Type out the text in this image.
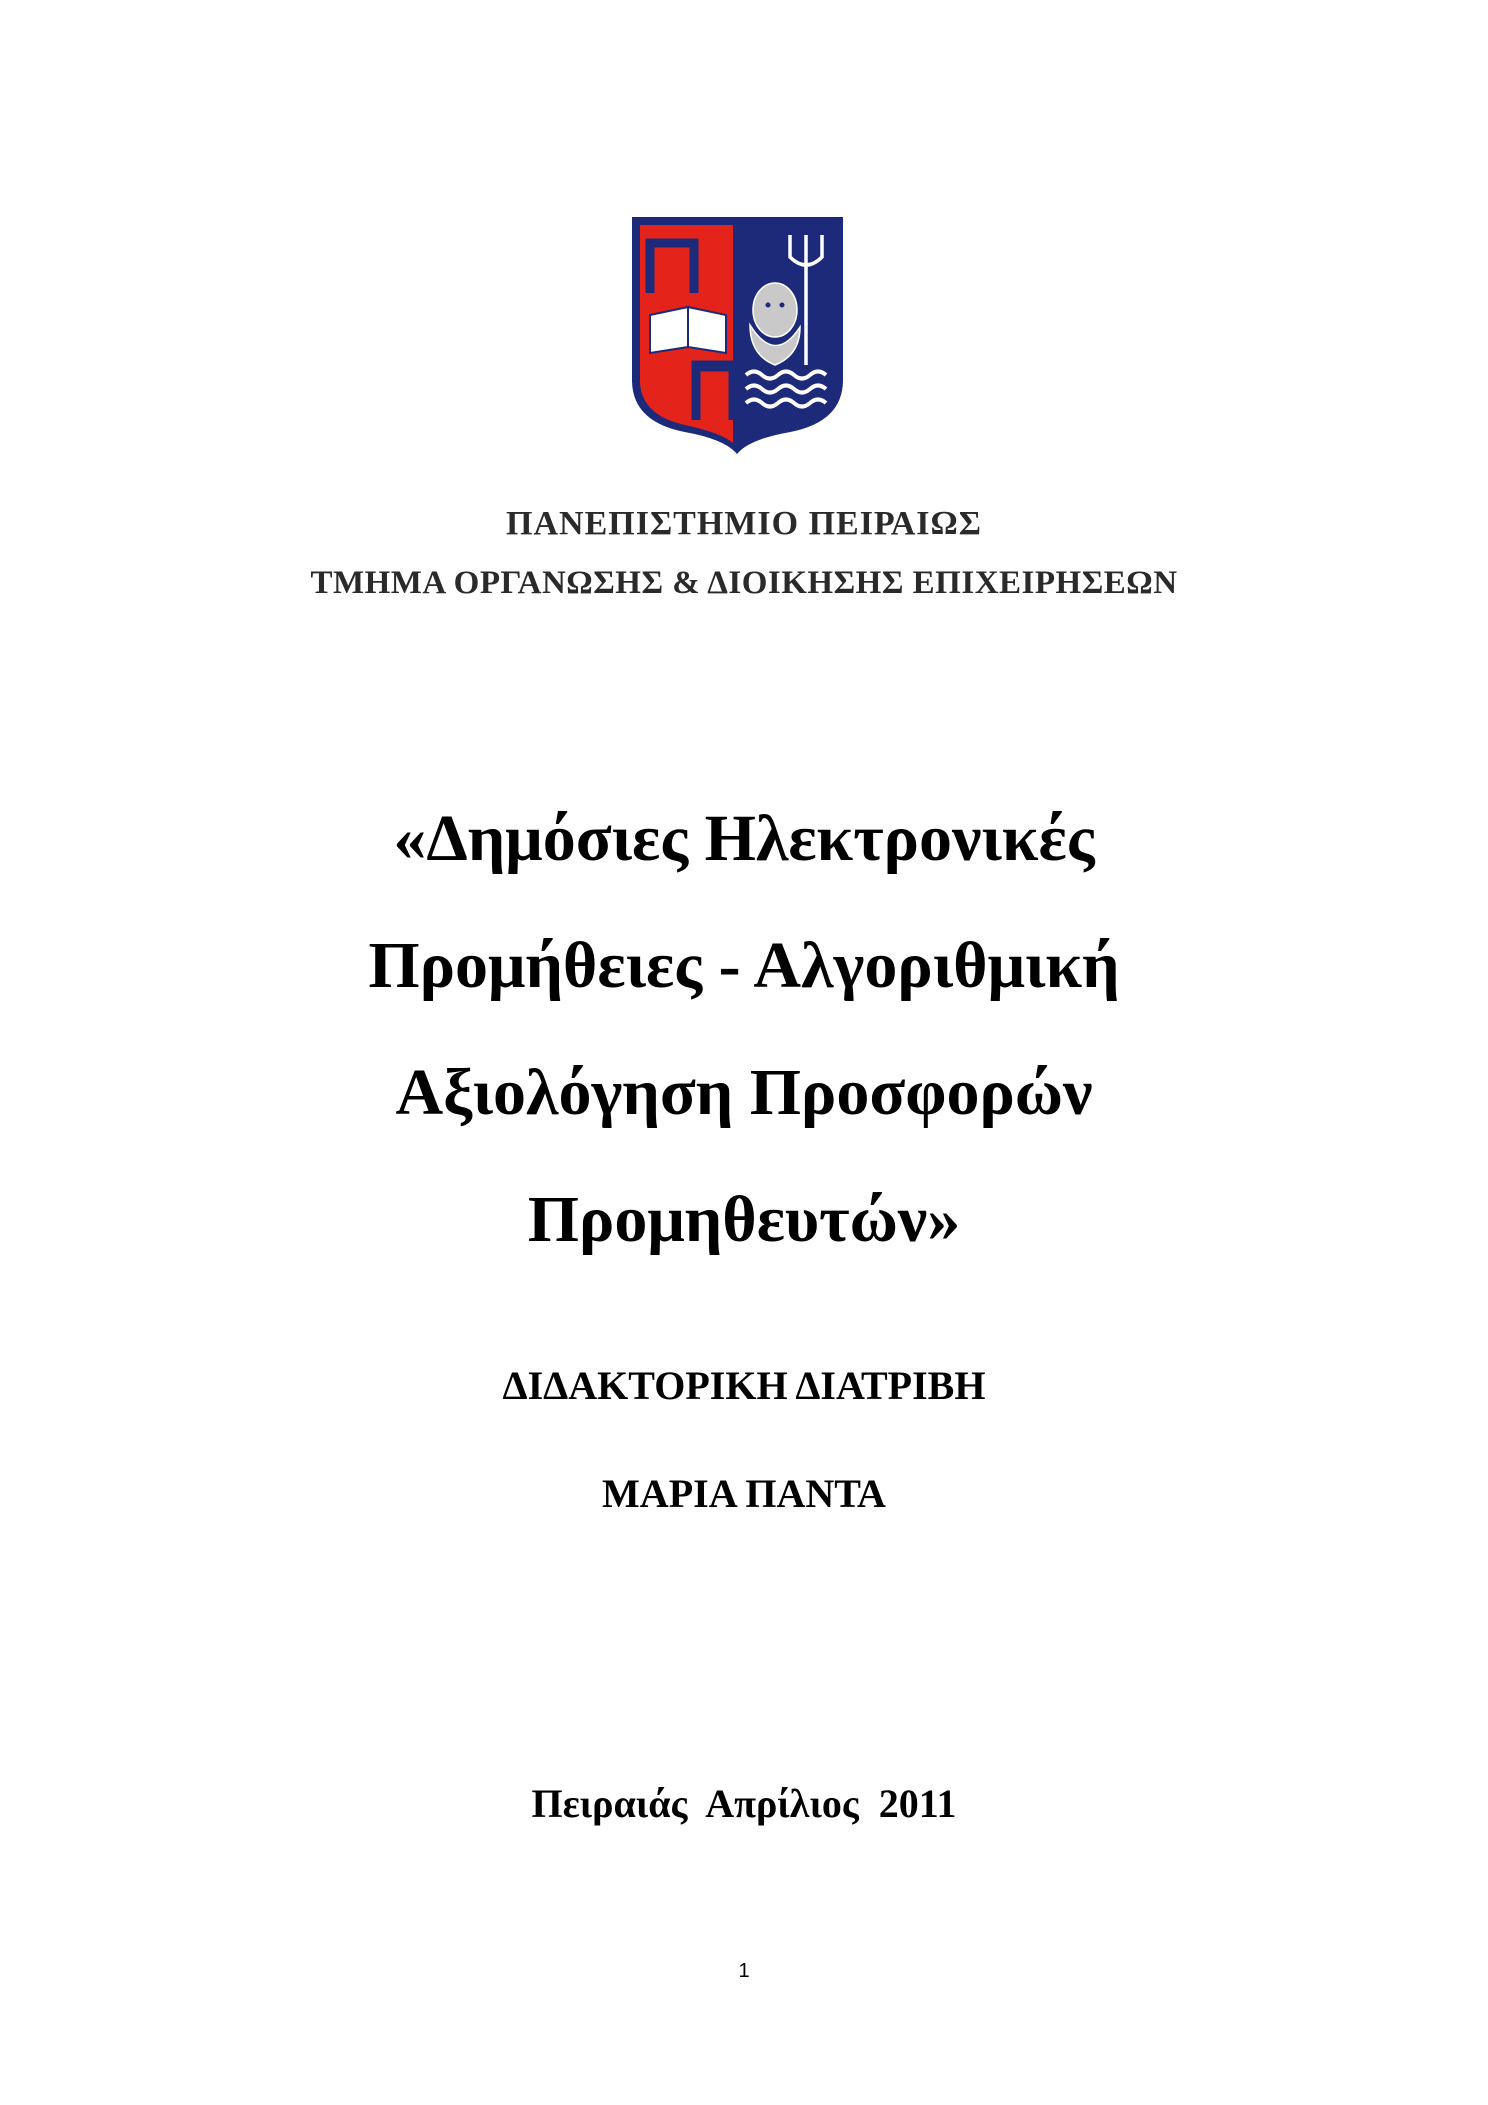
ΠΑΝΕΠΙΣΤΗΜΙΟ ΠΕΙΡΑΙΩΣ
ΤΜΗΜΑ ΟΡΓΑΝΩΣΗΣ & ΔΙΟΙΚΗΣΗΣ ΕΠΙΧΕΙΡΗΣΕΩΝ
«Δημόσιες Ηλεκτρονικές
Προμήθειες - Αλγοριθμική
Αξιολόγηση Προσφορών
Προμηθευτών»
ΔΙΔΑΚΤΟΡΙΚΗ ΔΙΑΤΡΙΒΗ
ΜΑΡΙΑ ΠΑΝΤΑ
Πειραιάς  Απρίλιος  2011
1
